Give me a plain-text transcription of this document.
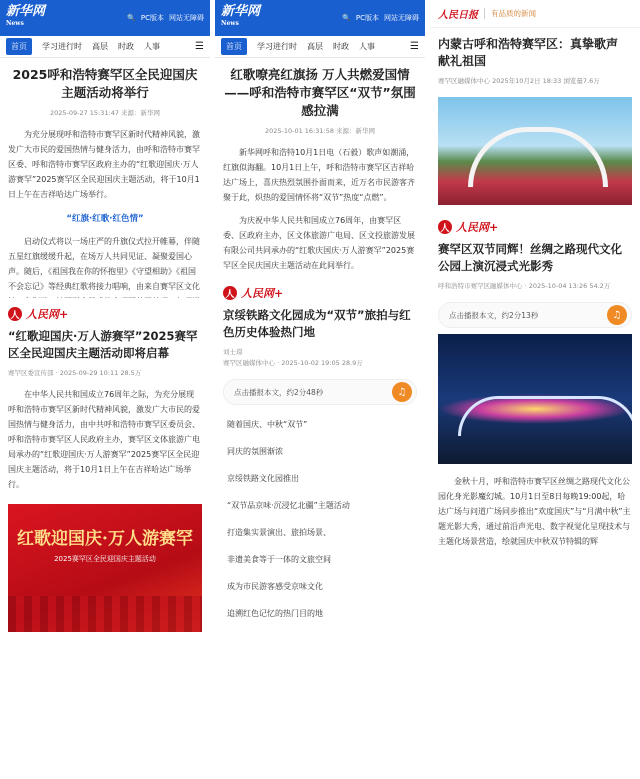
新华网
News
🔍 PC版本 网站无障碍
首页	学习进行时 高层 时政 人事	☰
2025呼和浩特赛罕区全民迎国庆主题活动将举行
2025-09-27 15:31:47 来源：新华网
为充分展现呼和浩特市赛罕区新时代精神风貌，激发广大市民的爱国热情与健身活力，由呼和浩特市赛罕区委、呼和浩特市赛罕区政府主办的“红歌迎国庆·万人游赛罕”2025赛罕区全民迎国庆主题活动，将于10月1日上午在吉祥哈达广场举行。
“红旗·红歌·红色情”
启动仪式将以一场庄严的升旗仪式拉开帷幕，伴随五星红旗缓缓升起，在场万人共同见证、凝聚爱国心声。随后，《祖国我在你的怀抱里》《守望相助》《祖国不会忘记》等经典红歌将接力唱响，由来自赛罕区文化
人 人民网+
“红歌迎国庆·万人游赛罕”2025赛罕区全民迎国庆主题活动即将启幕
赛罕区委宣传部 · 2025-09-29 10:11 28.5万
在中华人民共和国成立76周年之际，为充分展现呼和浩特市赛罕区新时代精神风貌，激发广大市民的爱国热情与健身活力，由中共呼和浩特市赛罕区委员会、呼和浩特市赛罕区人民政府主办，赛罕区文体旅游广电局承办的“红歌迎国庆·万人游赛罕”2025赛罕区全民迎国庆主题活动，将于10月1日上午在吉祥哈达广场举行。
红歌迎国庆·万人游赛罕
2025赛罕区全民迎国庆主题活动
新华网
News
🔍 PC版本 网站无障碍
首页	学习进行时 高层 时政 人事	☰
红歌嘹亮红旗扬 万人共燃爱国情——呼和浩特市赛罕区“双节”氛围感拉满
2025-10-01 16:31:58 来源：新华网
新华网呼和浩特10月1日电（石毅）歌声如潮涌，红旗似海翻。10月1日上午，呼和浩特市赛罕区吉祥哈达广场上，喜庆热烈氛围扑面而来，近万名市民游客齐聚于此，炽热的爱国情怀将“双节”热度“点燃”。
为庆祝中华人民共和国成立76周年，由赛罕区委、区政府主办，区文体旅游广电局、区文投旅游发展有限公司共同承办的“红歌庆国庆·万人游赛罕”2025赛罕区全民庆国庆主题活动在此间举行。
人 人民网+
京绥铁路文化园成为“双节”旅拍与红色历史体验热门地
刘士璟
赛罕区融媒体中心 · 2025-10-02 19:05 28.9万
点击播报本文，约2分48秒	♫
随着国庆、中秋“双节”
同庆的氛围渐浓
京绥铁路文化园推出
“双节品京味·沉浸忆北疆”主题活动
打造集实景演出、旅拍场景、
非遗美食等于一体的文旅空间
成为市民游客感受京味文化
追溯红色记忆的热门目的地
人民日报	有品质的新闻
内蒙古呼和浩特赛罕区：真挚歌声 献礼祖国
赛罕区融媒体中心 2025年10月2日 18:33 浏览量7.6万
人 人民网+
赛罕区双节同辉！丝绸之路现代文化公园上演沉浸式光影秀
呼和浩特市赛罕区融媒体中心 · 2025-10-04 13:26 54.2万
点击播报本文，约2分13秒	♫
金秋十月，呼和浩特市赛罕区丝绸之路现代文化公园化身光影魔幻城。10月1日至8日每晚19:00起，哈达广场与问道广场同步推出“欢度国庆”与“月满中秋”主题光影大秀，通过前沿声光电、数字视觉化呈现技术与主题化场景营造，绘就国庆中秋双节特辑的辉
